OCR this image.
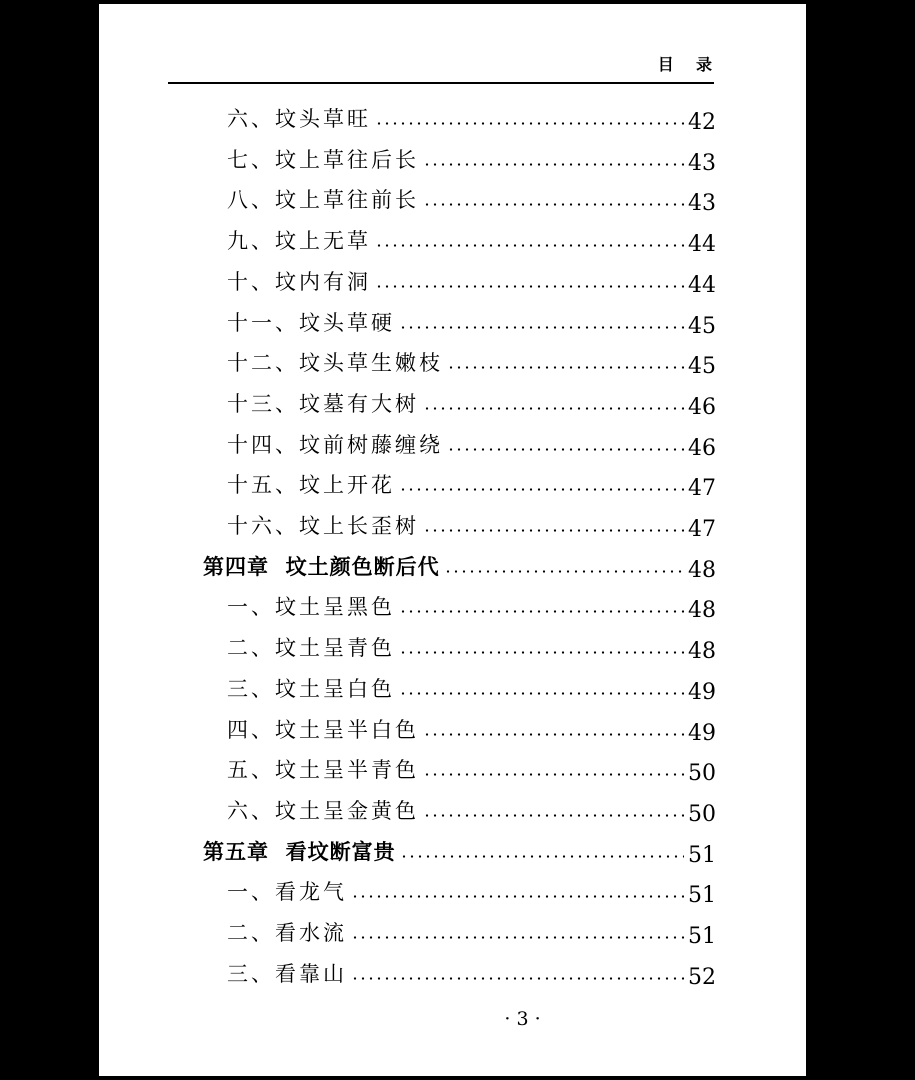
目    录
六、坟头草旺	42
七、坟上草往后长	43
八、坟上草往前长	43
九、坟上无草	44
十、坟内有洞	44
十一、坟头草硬	45
十二、坟头草生嫩枝	45
十三、坟墓有大树	46
十四、坟前树藤缠绕	46
十五、坟上开花	47
十六、坟上长歪树	47
第四章  坟土颜色断后代	48
一、坟土呈黑色	48
二、坟土呈青色	48
三、坟土呈白色	49
四、坟土呈半白色	49
五、坟土呈半青色	50
六、坟土呈金黄色	50
第五章  看坟断富贵	51
一、看龙气	51
二、看水流	51
三、看靠山	52
· 3 ·
